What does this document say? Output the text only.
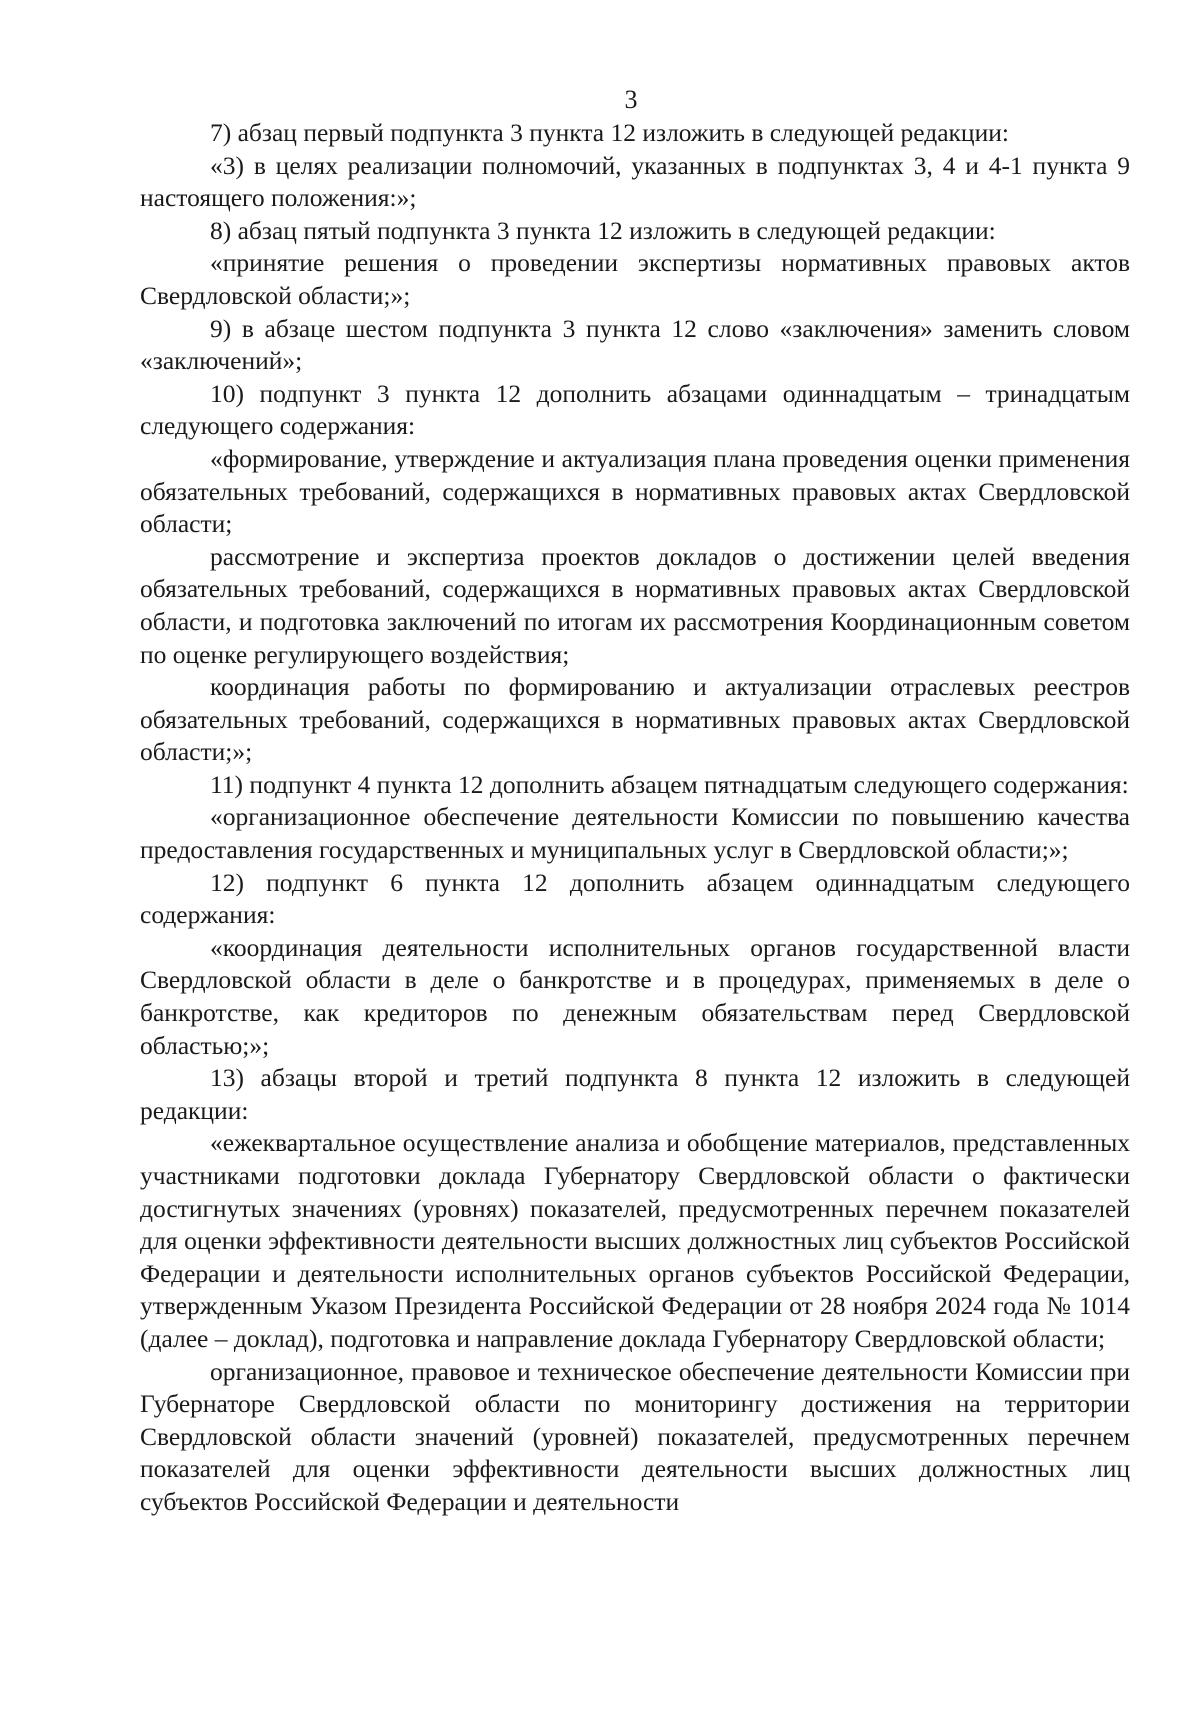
3

7) абзац первый подпункта 3 пункта 12 изложить в следующей редакции:

«3) в целях реализации полномочий, указанных в подпунктах 3, 4 и 4-1 пункта 9 настоящего положения:»;

8) абзац пятый подпункта 3 пункта 12 изложить в следующей редакции:

«принятие решения о проведении экспертизы нормативных правовых актов Свердловской области;»;

9) в абзаце шестом подпункта 3 пункта 12 слово «заключения» заменить словом «заключений»;

10) подпункт 3 пункта 12 дополнить абзацами одиннадцатым – тринадцатым следующего содержания:

«формирование, утверждение и актуализация плана проведения оценки применения обязательных требований, содержащихся в нормативных правовых актах Свердловской области;

рассмотрение и экспертиза проектов докладов о достижении целей введения обязательных требований, содержащихся в нормативных правовых актах Свердловской области, и подготовка заключений по итогам их рассмотрения Координационным советом по оценке регулирующего воздействия;

координация работы по формированию и актуализации отраслевых реестров обязательных требований, содержащихся в нормативных правовых актах Свердловской области;»;

11) подпункт 4 пункта 12 дополнить абзацем пятнадцатым следующего содержания:

«организационное обеспечение деятельности Комиссии по повышению качества предоставления государственных и муниципальных услуг в Свердловской области;»;

12) подпункт 6 пункта 12 дополнить абзацем одиннадцатым следующего содержания:

«координация деятельности исполнительных органов государственной власти Свердловской области в деле о банкротстве и в процедурах, применяемых в деле о банкротстве, как кредиторов по денежным обязательствам перед Свердловской областью;»;

13) абзацы второй и третий подпункта 8 пункта 12 изложить в следующей редакции:

«ежеквартальное осуществление анализа и обобщение материалов, представленных участниками подготовки доклада Губернатору Свердловской области о фактически достигнутых значениях (уровнях) показателей, предусмотренных перечнем показателей для оценки эффективности деятельности высших должностных лиц субъектов Российской Федерации и деятельности исполнительных органов субъектов Российской Федерации, утвержденным Указом Президента Российской Федерации от 28 ноября 2024 года № 1014 (далее – доклад), подготовка и направление доклада Губернатору Свердловской области;

организационное, правовое и техническое обеспечение деятельности Комиссии при Губернаторе Свердловской области по мониторингу достижения на территории Свердловской области значений (уровней) показателей, предусмотренных перечнем показателей для оценки эффективности деятельности высших должностных лиц субъектов Российской Федерации и деятельности
